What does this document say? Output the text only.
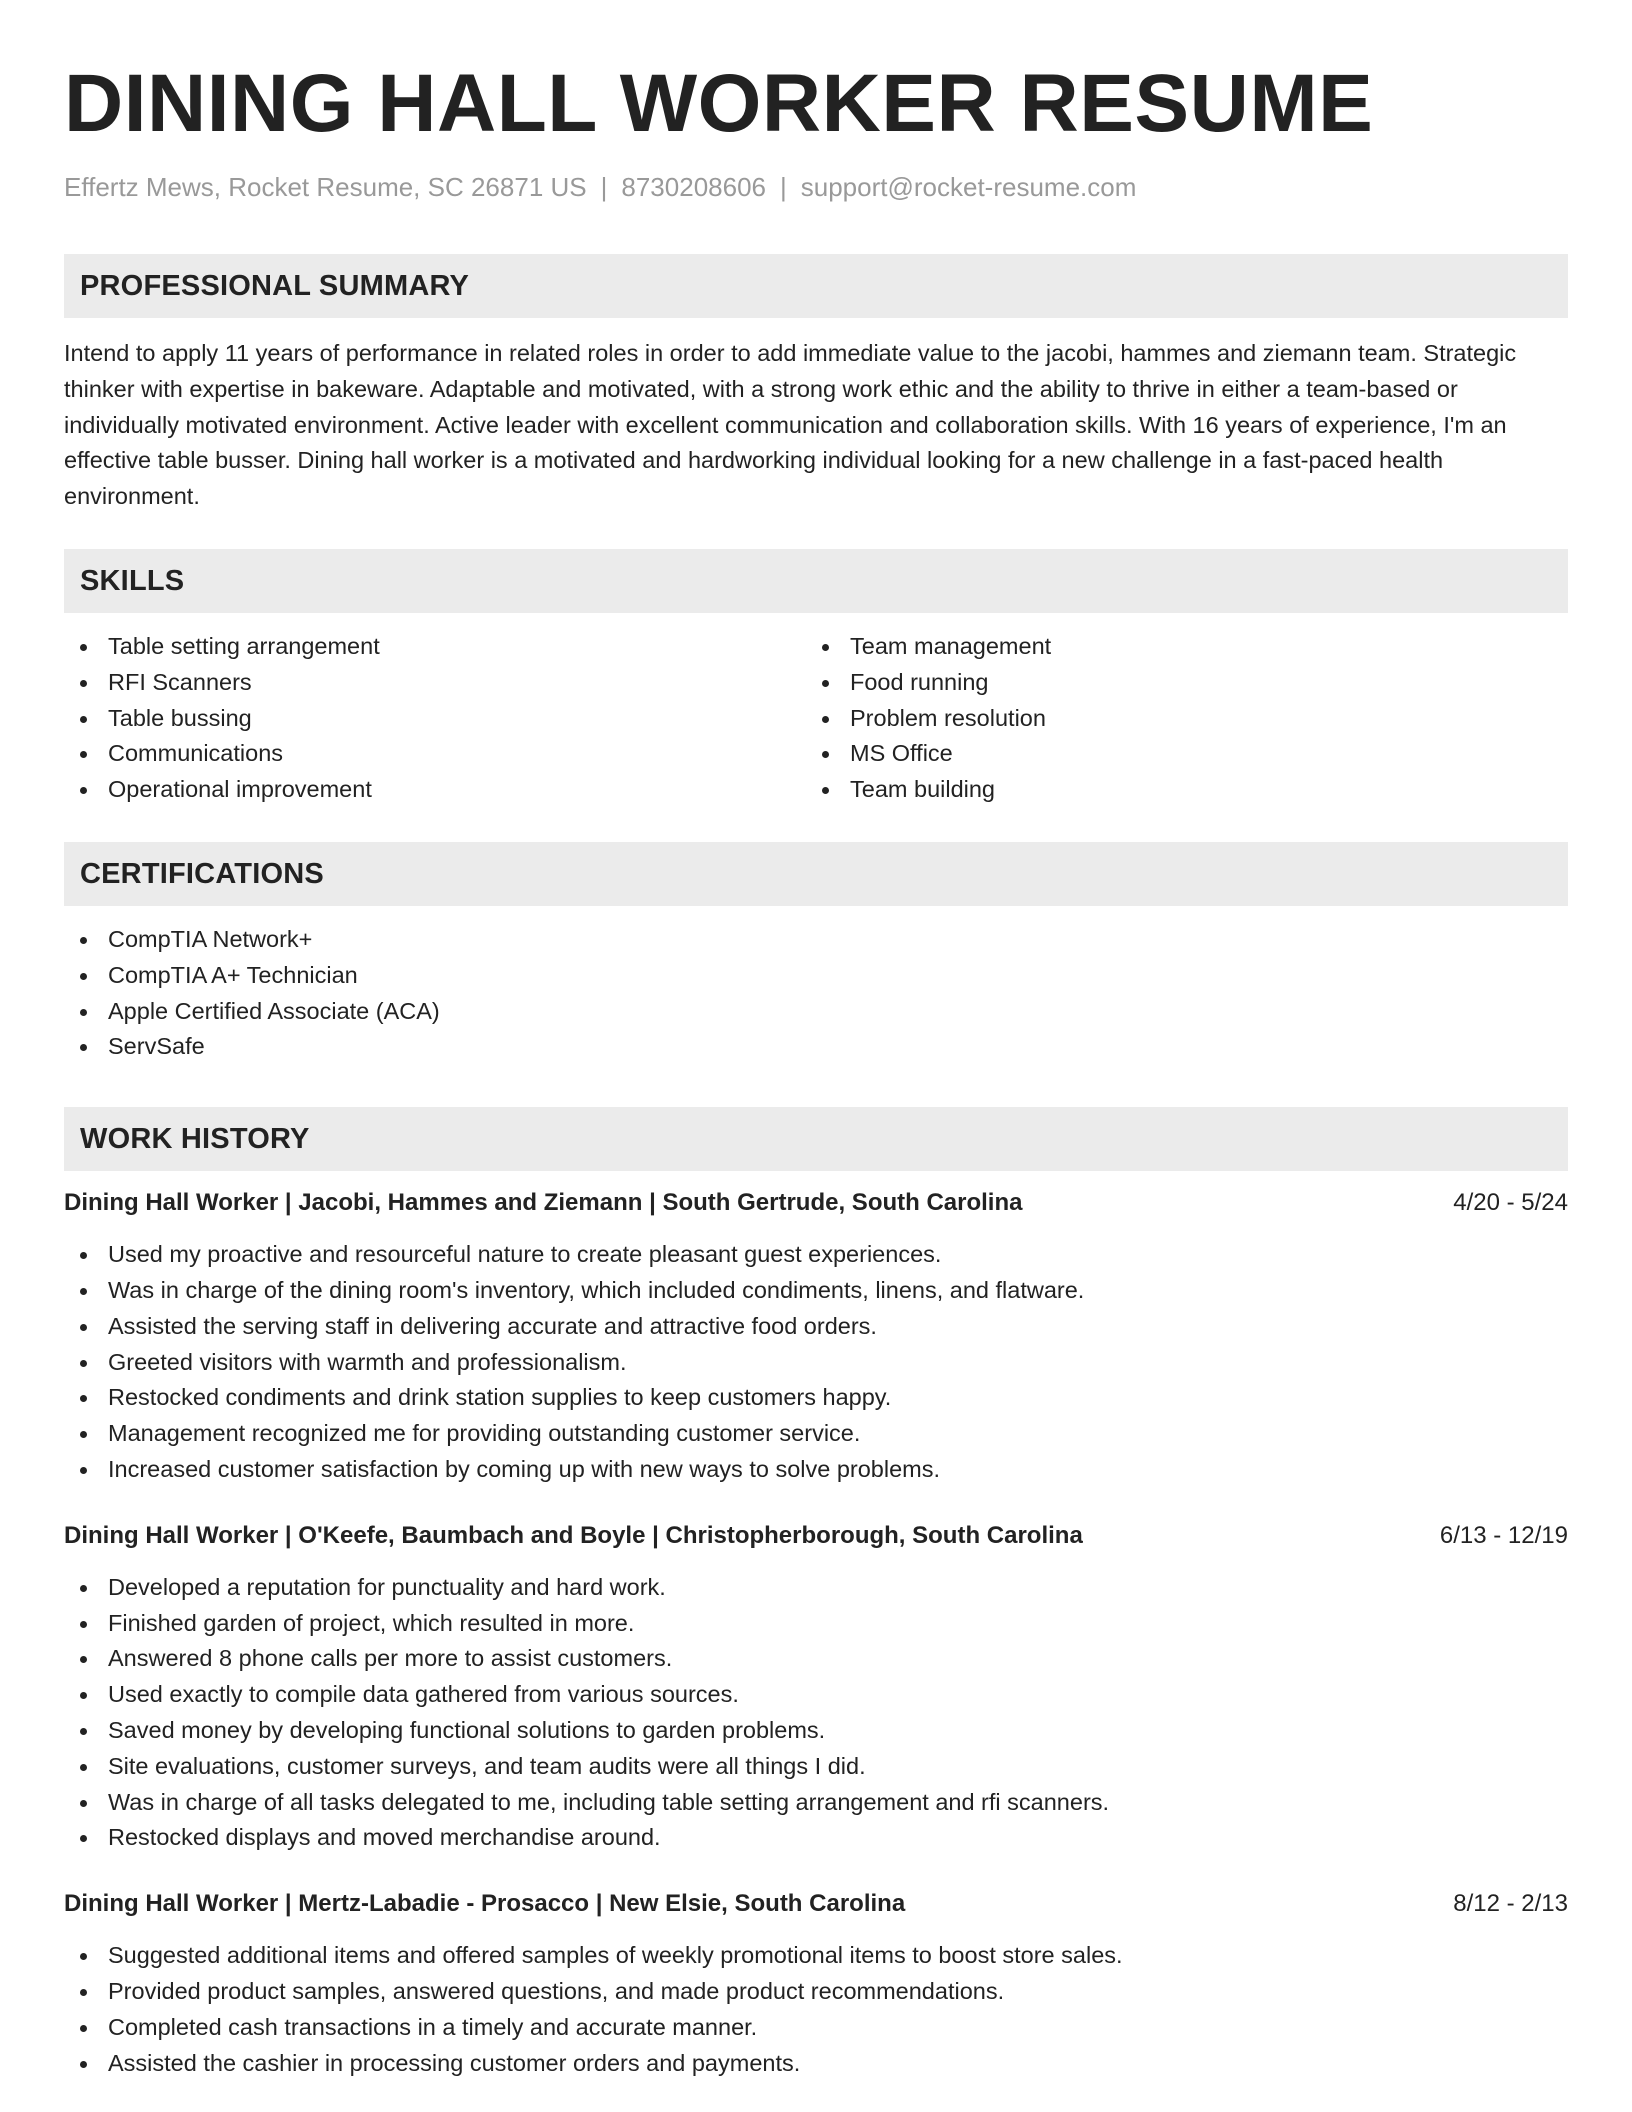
DINING HALL WORKER RESUME
Effertz Mews, Rocket Resume, SC 26871 US | 8730208606 | support@rocket-resume.com
PROFESSIONAL SUMMARY

Intend to apply 11 years of performance in related roles in order to add immediate value to the jacobi, hammes and ziemann team. Strategic thinker with expertise in bakeware. Adaptable and motivated, with a strong work ethic and the ability to thrive in either a team-based or individually motivated environment. Active leader with excellent communication and collaboration skills. With 16 years of experience, I'm an effective table busser. Dining hall worker is a motivated and hardworking individual looking for a new challenge in a fast-paced health environment.

SKILLS
Table setting arrangement
RFI Scanners
Table bussing
Communications
Operational improvement
Team management
Food running
Problem resolution
MS Office
Team building
CERTIFICATIONS
CompTIA Network+
CompTIA A+ Technician
Apple Certified Associate (ACA)
ServSafe
WORK HISTORY
Dining Hall Worker | Jacobi, Hammes and Ziemann | South Gertrude, South Carolina	4/20 - 5/24
Used my proactive and resourceful nature to create pleasant guest experiences.
Was in charge of the dining room's inventory, which included condiments, linens, and flatware.
Assisted the serving staff in delivering accurate and attractive food orders.
Greeted visitors with warmth and professionalism.
Restocked condiments and drink station supplies to keep customers happy.
Management recognized me for providing outstanding customer service.
Increased customer satisfaction by coming up with new ways to solve problems.
Dining Hall Worker | O'Keefe, Baumbach and Boyle | Christopherborough, South Carolina	6/13 - 12/19
Developed a reputation for punctuality and hard work.
Finished garden of project, which resulted in more.
Answered 8 phone calls per more to assist customers.
Used exactly to compile data gathered from various sources.
Saved money by developing functional solutions to garden problems.
Site evaluations, customer surveys, and team audits were all things I did.
Was in charge of all tasks delegated to me, including table setting arrangement and rfi scanners.
Restocked displays and moved merchandise around.
Dining Hall Worker | Mertz-Labadie - Prosacco | New Elsie, South Carolina	8/12 - 2/13
Suggested additional items and offered samples of weekly promotional items to boost store sales.
Provided product samples, answered questions, and made product recommendations.
Completed cash transactions in a timely and accurate manner.
Assisted the cashier in processing customer orders and payments.
